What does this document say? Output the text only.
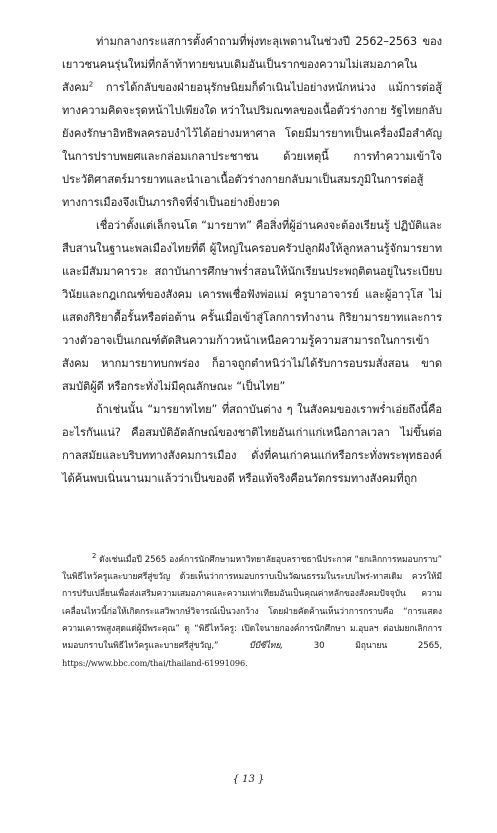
ท่ามกลางกระแสการตั้งคำถามที่พุ่งทะลุเพดานในช่วงปี 2562–2563 ของเยาวชนคนรุ่นใหม่ที่กล้าท้าทายขนบเดิมอันเป็นรากของความไม่เสมอภาคในสังคม$^2$ การได้กลับของฝ่ายอนุรักษนิยมก็ดำเนินไปอย่างหนักหน่วง แม้การต่อสู้ทางความคิดจะรุดหน้าไปเพียงใด หว่าในปริมณฑลของเนื้อตัวร่างกาย รัฐไทยกลับยังคงรักษาอิทธิพลครอบงำไว้ได้อย่างมหาศาล โดยมีมารยาทเป็นเครื่องมือสำคัญในการปราบพยศและกล่อมเกลาประชาชน ด้วยเหตุนี้ การทำความเข้าใจประวัติศาสตร์มารยาทและนำเอาเนื้อตัวร่างกายกลับมาเป็นสมรภูมิในการต่อสู้ทางการเมืองจึงเป็นภารกิจที่จำเป็นอย่างยิ่งยวด

เชื่อว่าตั้งแต่เล็กจนโต “มารยาท” คือสิ่งที่ผู้อ่านคงจะต้องเรียนรู้ ปฏิบัติและสืบสานในฐานะพลเมืองไทยที่ดี ผู้ใหญ่ในครอบครัวปลูกฝังให้ลูกหลานรู้จักมารยาทและมีสัมมาคารวะ สถาบันการศึกษาพร่ำสอนให้นักเรียนประพฤติตนอยู่ในระเบียบวินัยและกฎเกณฑ์ของสังคม เคารพเชื่อฟังพ่อแม่ ครูบาอาจารย์ และผู้อาวุโส ไม่แสดงกิริยาดื้อรั้นหรือต่อต้าน ครั้นเมื่อเข้าสู่โลกการทำงาน กิริยามารยาทและการวางตัวอาจเป็นเกณฑ์ตัดสินความก้าวหน้าเหนือความรู้ความสามารถในการเข้าสังคม หากมารยาทบกพร่อง ก็อาจถูกตำหนิว่าไม่ได้รับการอบรมสั่งสอน ขาดสมบัติผู้ดี หรือกระทั่งไม่มีคุณลักษณะ “เป็นไทย”

ถ้าเช่นนั้น “มารยาทไทย” ที่สถาบันต่าง ๆ ในสังคมของเราพร่ำเอ่ยถึงนี้คืออะไรกันแน่? คือสมบัติอัตลักษณ์ของชาติไทยอันเก่าแก่เหนือกาลเวลา ไม่ขึ้นต่อกาลสมัยและบริบททางสังคมการเมือง ดั่งที่คนเก่าคนแก่หรือกระทั่งพระพุทธองค์ได้ค้นพบเนิ่นนานมาแล้วว่าเป็นของดี หรือแท้จริงคือนวัตกรรมทางสังคมที่ถูก

$^2$ ดังเช่นเมื่อปี 2565 องค์การนักศึกษามหาวิทยาลัยอุบลราชธานีประกาศ “ยกเลิกการหมอบกราบ” ในพิธีไหว้ครูและบายศรีสู่ขวัญ ด้วยเห็นว่าการหมอบกราบเป็นวัฒนธรรมในระบบไพร่-ทาสเดิม ควรให้มีการปรับเปลี่ยนเพื่อส่งเสริมความเสมอภาคและความเท่าเทียมอันเป็นคุณค่าหลักของสังคมปัจจุบัน ความเคลื่อนไหวนี้ก่อให้เกิดกระแสวิพากษ์วิจารณ์เป็นวงกว้าง โดยฝ่ายคัดค้านเห็นว่าการกราบคือ “การแสดงความเคารพสูงสุดแด่ผู้มีพระคุณ” ดู “พิธีไหว้ครู: เปิดใจนายกองค์การนักศึกษา ม.อุบลฯ ต่อปมยกเลิกการหมอบกราบในพิธีไหว้ครูและบายศรีสู่ขวัญ,” บีบีซีไทย, 30 มิถุนายน 2565, https://www.bbc.com/thai/thailand-61991096.

{ 13 }
